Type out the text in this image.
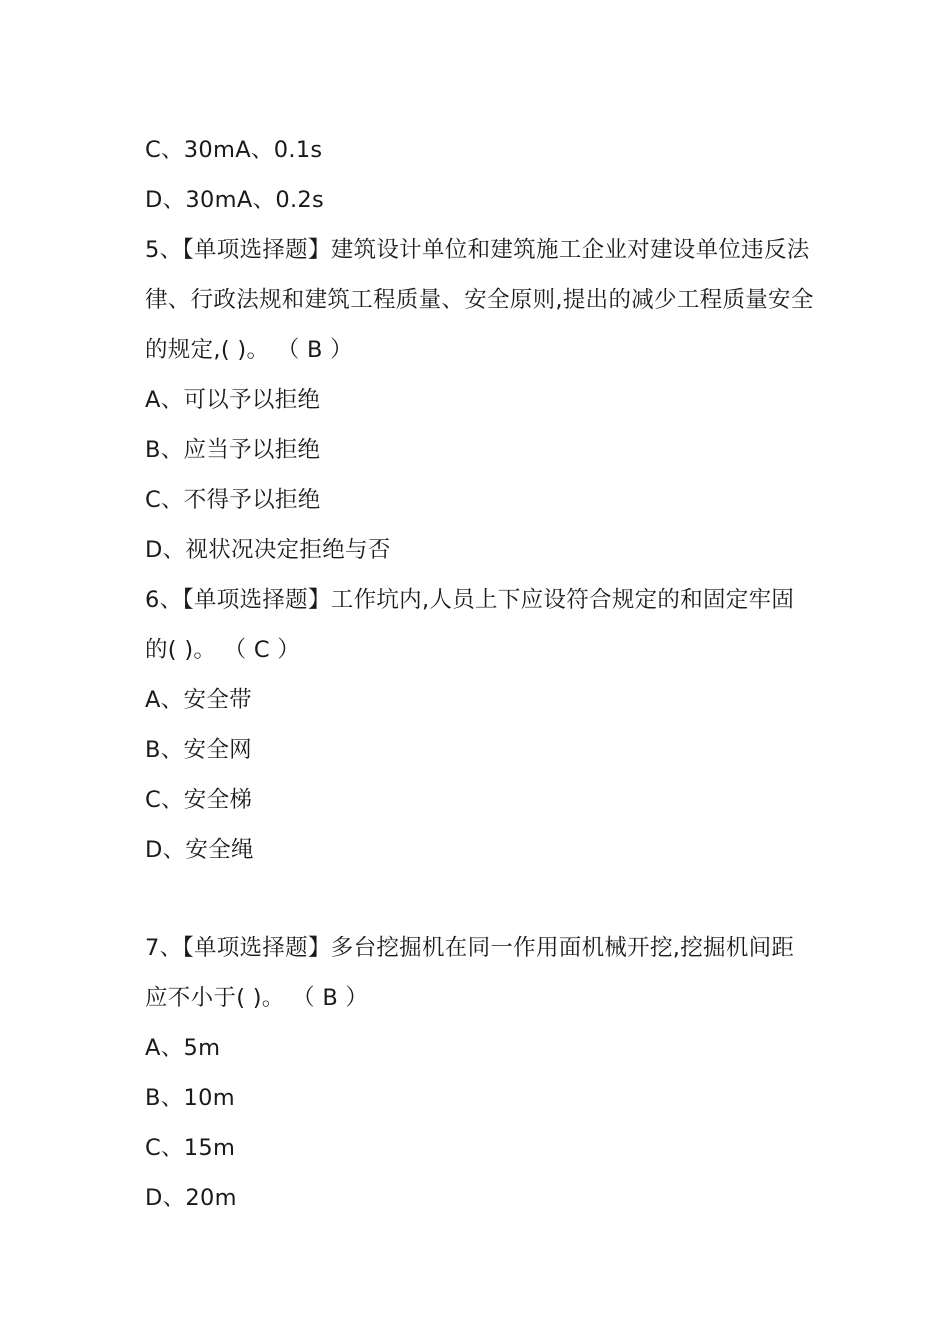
C、30mA、0.1s
D、30mA、0.2s
5、【单项选择题】建筑设计单位和建筑施工企业对建设单位违反法
律、行政法规和建筑工程质量、安全原则,提出的减少工程质量安全
的规定,( )。 （ B ）
A、可以予以拒绝
B、应当予以拒绝
C、不得予以拒绝
D、视状况决定拒绝与否
6、【单项选择题】工作坑内,人员上下应设符合规定的和固定牢固
的( )。 （ C ）
A、安全带
B、安全网
C、安全梯
D、安全绳
7、【单项选择题】多台挖掘机在同一作用面机械开挖,挖掘机间距
应不小于( )。 （ B ）
A、5m
B、10m
C、15m
D、20m
